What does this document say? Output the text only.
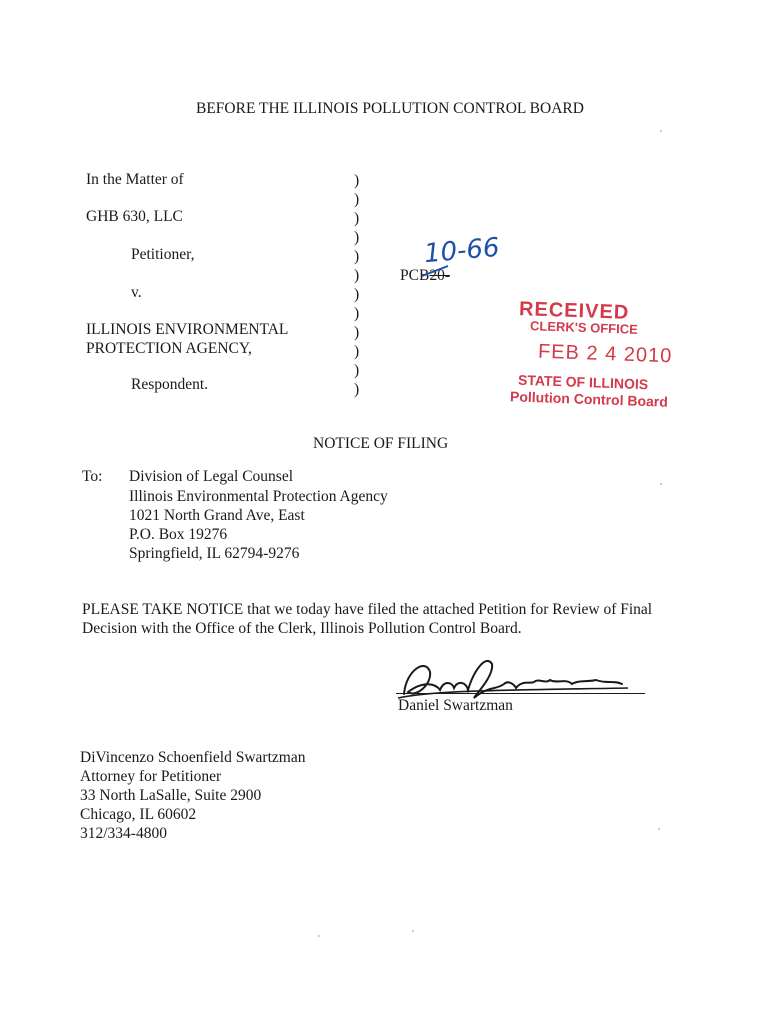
BEFORE THE ILLINOIS POLLUTION CONTROL BOARD
In the Matter of
GHB 630, LLC
Petitioner,
v.
ILLINOIS ENVIRONMENTAL
PROTECTION AGENCY,
Respondent.
)
)
)
)
)
)
)
)
)
)
)
)
PCB20-
10-66
RECEIVED
CLERK'S OFFICE
FEB 2 4 2010
STATE OF ILLINOIS
Pollution Control Board
NOTICE OF FILING
To: Division of Legal Counsel
Illinois Environmental Protection Agency
1021 North Grand Ave, East
P.O. Box 19276
Springfield, IL 62794-9276
PLEASE TAKE NOTICE that we today have filed the attached Petition for Review of Final
Decision with the Office of the Clerk, Illinois Pollution Control Board.
Daniel Swartzman
DiVincenzo Schoenfield Swartzman
Attorney for Petitioner
33 North LaSalle, Suite 2900
Chicago, IL 60602
312/334-4800
